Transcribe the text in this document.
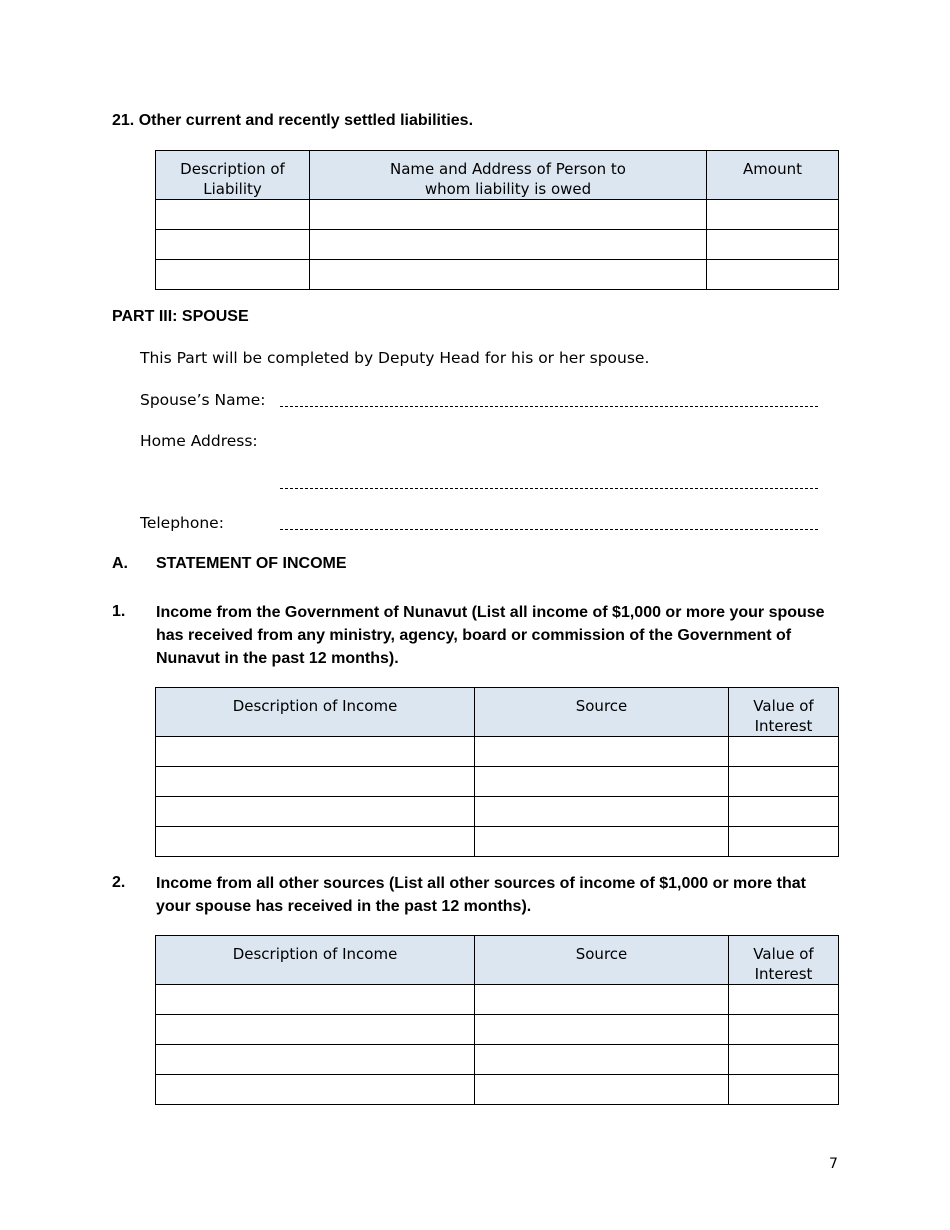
21. Other current and recently settled liabilities.
Description of Liability	Name and Address of Person to whom liability is owed	Amount

PART III: SPOUSE
This Part will be completed by Deputy Head for his or her spouse.
Spouse’s Name:
Home Address:
Telephone:
A. STATEMENT OF INCOME
1. Income from the Government of Nunavut (List all income of $1,000 or more your spouse has received from any ministry, agency, board or commission of the Government of Nunavut in the past 12 months).
Description of Income	Source	Value of Interest

2. Income from all other sources (List all other sources of income of $1,000 or more that your spouse has received in the past 12 months).
Description of Income	Source	Value of Interest

7
